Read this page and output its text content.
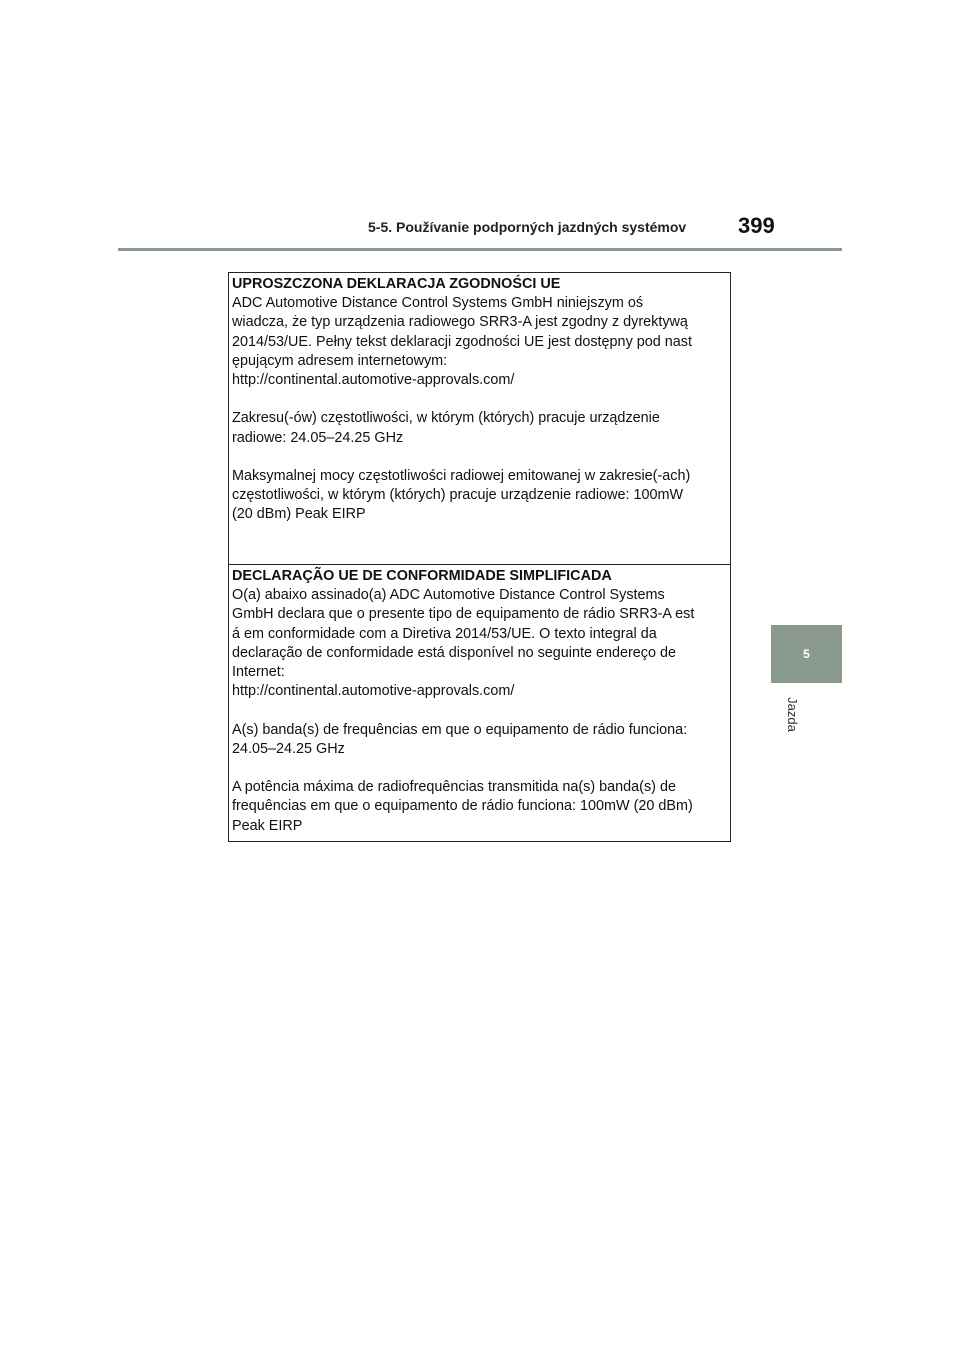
5-5. Používanie podporných jazdných systémov 399
5
Jazda
UPROSZCZONA DEKLARACJA ZGODNOŚCI UE
ADC Automotive Distance Control Systems GmbH niniejszym oś
wiadcza, że typ urządzenia radiowego SRR3-A jest zgodny z dyrektywą
2014/53/UE. Pełny tekst deklaracji zgodności UE jest dostępny pod nast
ępującym adresem internetowym:
http://continental.automotive-approvals.com/
Zakresu(-ów) częstotliwości, w którym (których) pracuje urządzenie
radiowe: 24.05–24.25 GHz
Maksymalnej mocy częstotliwości radiowej emitowanej w zakresie(-ach)
częstotliwości, w którym (których) pracuje urządzenie radiowe: 100mW
(20 dBm) Peak EIRP
DECLARAÇÃO UE DE CONFORMIDADE SIMPLIFICADA
O(a) abaixo assinado(a) ADC Automotive Distance Control Systems
GmbH declara que o presente tipo de equipamento de rádio SRR3-A est
á em conformidade com a Diretiva 2014/53/UE. O texto integral da
declaração de conformidade está disponível no seguinte endereço de
Internet:
http://continental.automotive-approvals.com/
A(s) banda(s) de frequências em que o equipamento de rádio funciona:
24.05–24.25 GHz
A potência máxima de radiofrequências transmitida na(s) banda(s) de
frequências em que o equipamento de rádio funciona: 100mW (20 dBm)
Peak EIRP
